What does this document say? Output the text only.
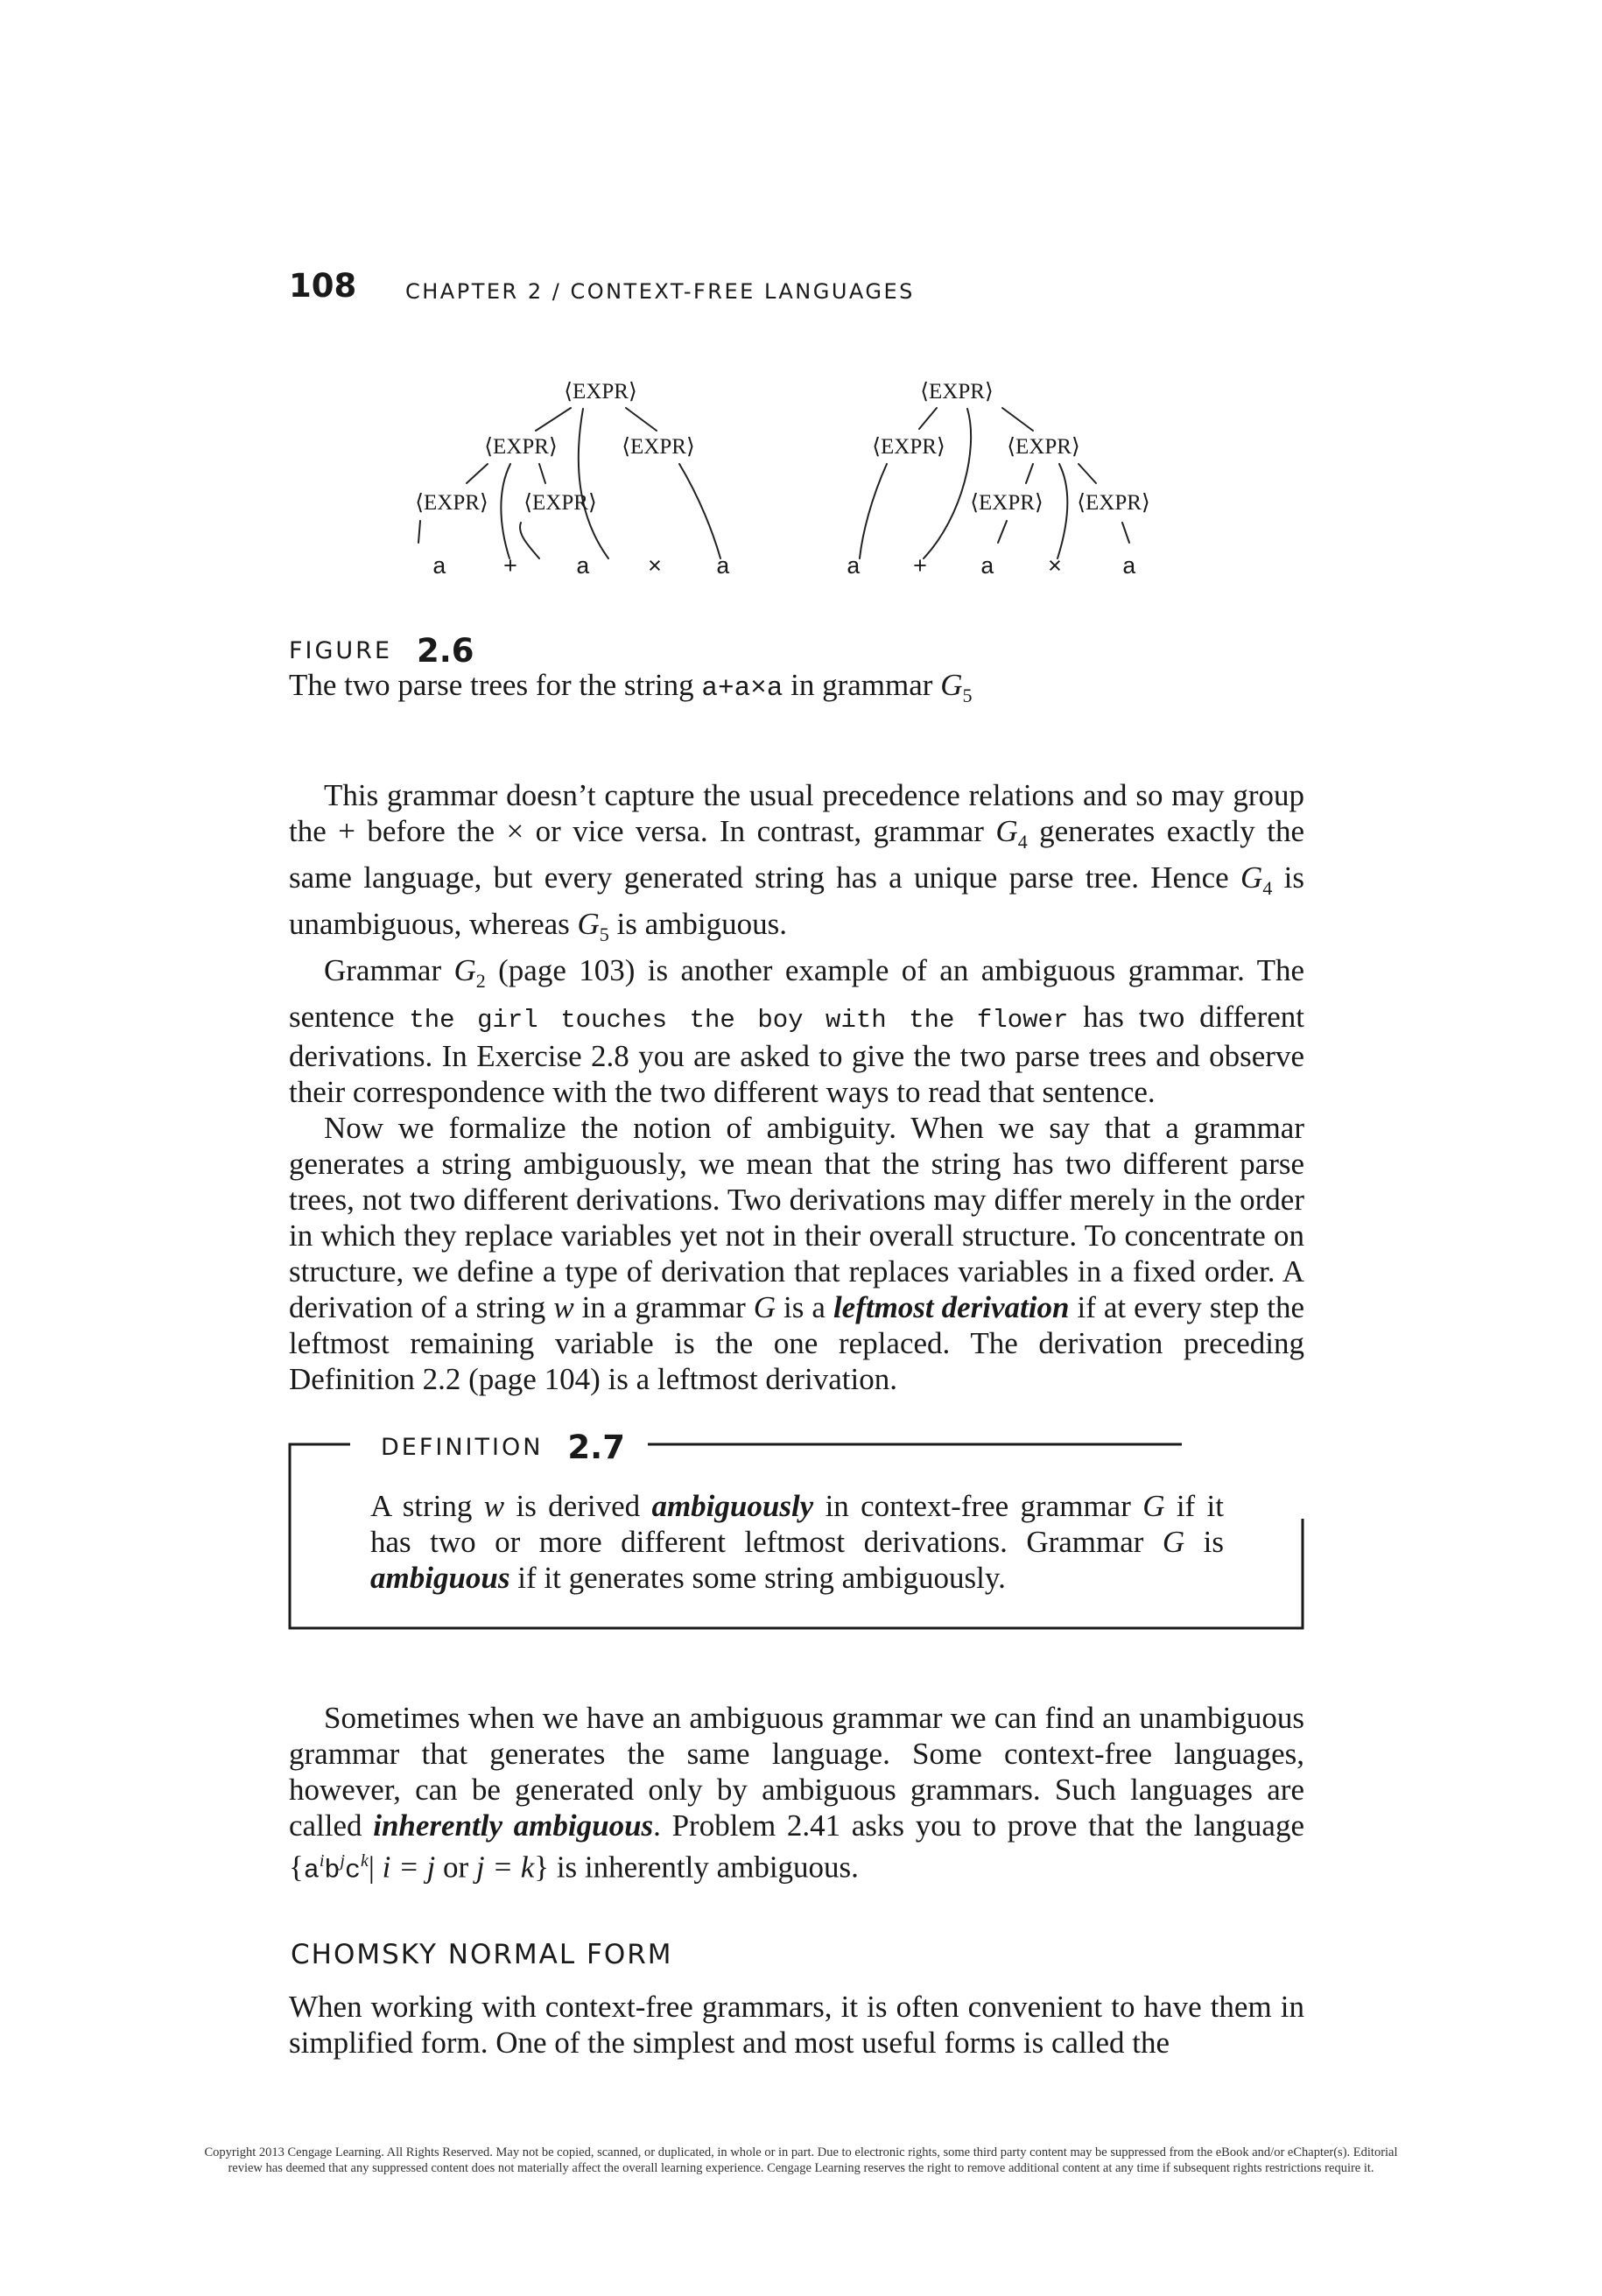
108 CHAPTER 2 / CONTEXT-FREE LANGUAGES
⟨EXPR⟩
⟨EXPR⟩	⟨EXPR⟩
⟨EXPR⟩ ⟨EXPR⟩
⟨EXPR⟩
⟨EXPR⟩	⟨EXPR⟩
⟨EXPR⟩ ⟨EXPR⟩
a + a × a	a + a ×	a
FIGURE 2.6
The two parse trees for the string a+a×a in grammar $G_5$

This grammar doesn’t capture the usual precedence relations and so may group the + before the × or vice versa. In contrast, grammar $G_4$ generates exactly the same language, but every generated string has a unique parse tree. Hence $G_4$ is unambiguous, whereas $G_5$ is ambiguous.

Grammar $G_2$ (page 103) is another example of an ambiguous grammar. The sentence the girl touches the boy with the flower has two different derivations. In Exercise 2.8 you are asked to give the two parse trees and observe their correspondence with the two different ways to read that sentence.

Now we formalize the notion of ambiguity. When we say that a grammar generates a string ambiguously, we mean that the string has two different parse trees, not two different derivations. Two derivations may differ merely in the order in which they replace variables yet not in their overall structure. To concentrate on structure, we define a type of derivation that replaces variables in a fixed order. A derivation of a string w in a grammar G is a leftmost derivation if at every step the leftmost remaining variable is the one replaced. The derivation preceding Definition 2.2 (page 104) is a leftmost derivation.

DEFINITION 2.7
A string w is derived ambiguously in context-free grammar G if it has two or more different leftmost derivations. Grammar G is ambiguous if it generates some string ambiguously.

Sometimes when we have an ambiguous grammar we can find an unambiguous grammar that generates the same language. Some context-free languages, however, can be generated only by ambiguous grammars. Such languages are called inherently ambiguous. Problem 2.41 asks you to prove that the language {$a^ib^jc^k|$ i = j or j = k} is inherently ambiguous.

CHOMSKY NORMAL FORM

When working with context-free grammars, it is often convenient to have them in simplified form. One of the simplest and most useful forms is called the

Copyright 2013 Cengage Learning. All Rights Reserved. May not be copied, scanned, or duplicated, in whole or in part. Due to electronic rights, some third party content may be suppressed from the eBook and/or eChapter(s). Editorial review has deemed that any suppressed content does not materially affect the overall learning experience. Cengage Learning reserves the right to remove additional content at any time if subsequent rights restrictions require it.
